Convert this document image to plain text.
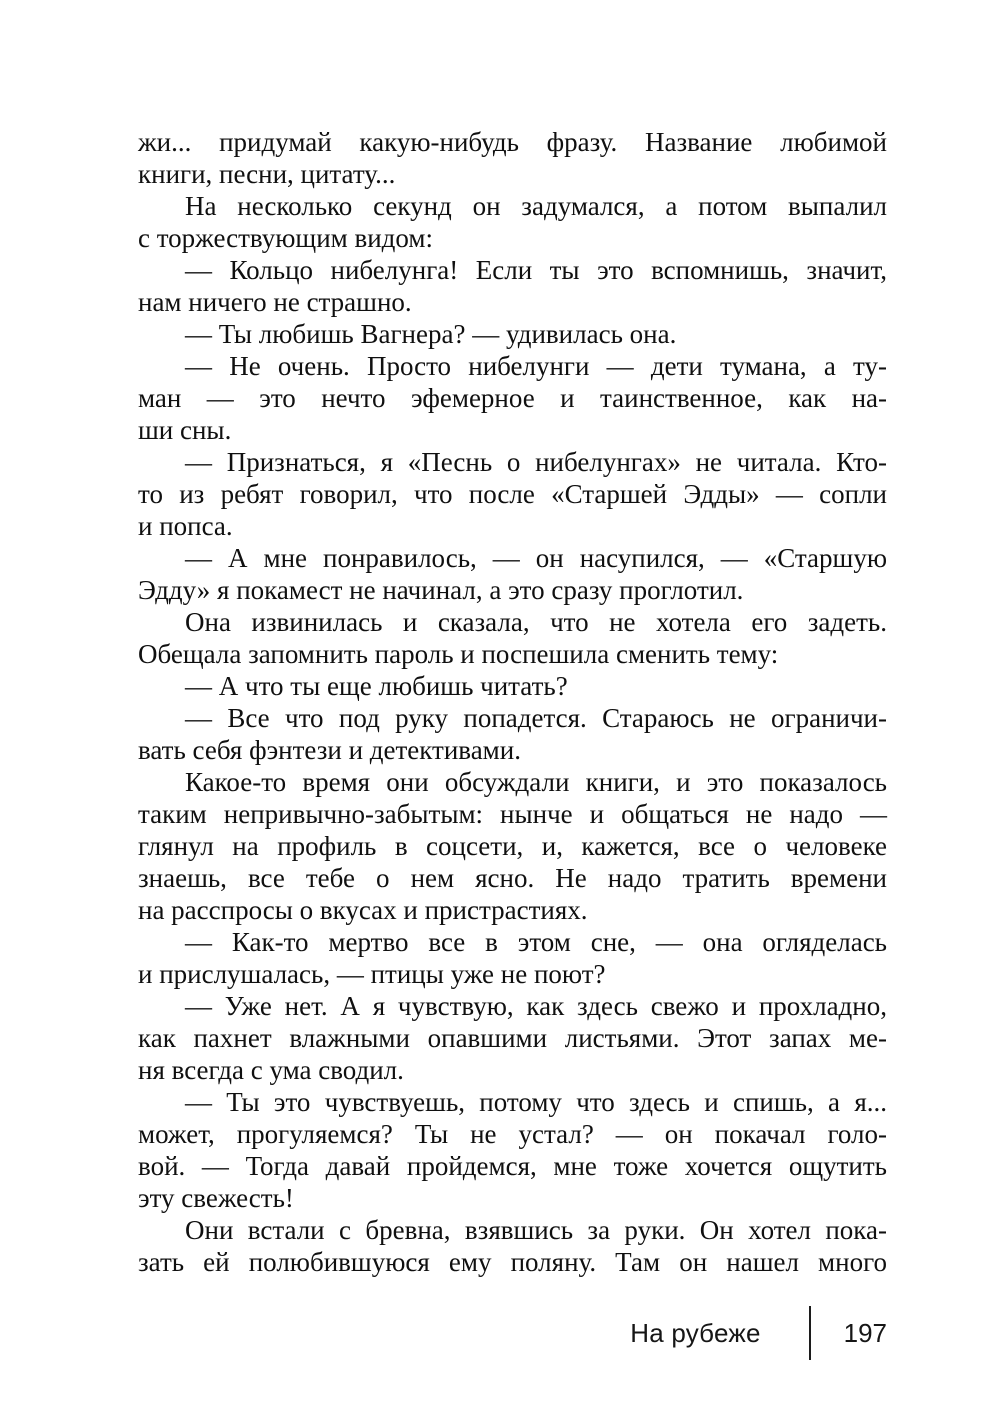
жи... придумай какую-нибудь фразу. Название любимой
книги, песни, цитату...
На несколько секунд он задумался, а потом выпалил
с торжествующим видом:
— Кольцо нибелунга! Если ты это вспомнишь, значит,
нам ничего не страшно.
— Ты любишь Вагнера? — удивилась она.
— Не очень. Просто нибелунги — дети тумана, а ту-
ман — это нечто эфемерное и таинственное, как на-
ши сны.
— Признаться, я «Песнь о нибелунгах» не читала. Кто-
то из ребят говорил, что после «Старшей Эдды» — сопли
и попса.
— А мне понравилось, — он насупился, — «Старшую
Эдду» я покамест не начинал, а это сразу проглотил.
Она извинилась и сказала, что не хотела его задеть.
Обещала запомнить пароль и поспешила сменить тему:
— А что ты еще любишь читать?
— Все что под руку попадется. Стараюсь не ограничи-
вать себя фэнтези и детективами.
Какое-то время они обсуждали книги, и это показалось
таким непривычно-забытым: нынче и общаться не надо —
глянул на профиль в соцсети, и, кажется, все о человеке
знаешь, все тебе о нем ясно. Не надо тратить времени
на расспросы о вкусах и пристрастиях.
— Как-то мертво все в этом сне, — она огляделась
и прислушалась, — птицы уже не поют?
— Уже нет. А я чувствую, как здесь свежо и прохладно,
как пахнет влажными опавшими листьями. Этот запах ме-
ня всегда с ума сводил.
— Ты это чувствуешь, потому что здесь и спишь, а я...
может, прогуляемся? Ты не устал? — он покачал голо-
вой. — Тогда давай пройдемся, мне тоже хочется ощутить
эту свежесть!
Они встали с бревна, взявшись за руки. Он хотел пока-
зать ей полюбившуюся ему поляну. Там он нашел много
На рубеже	197
